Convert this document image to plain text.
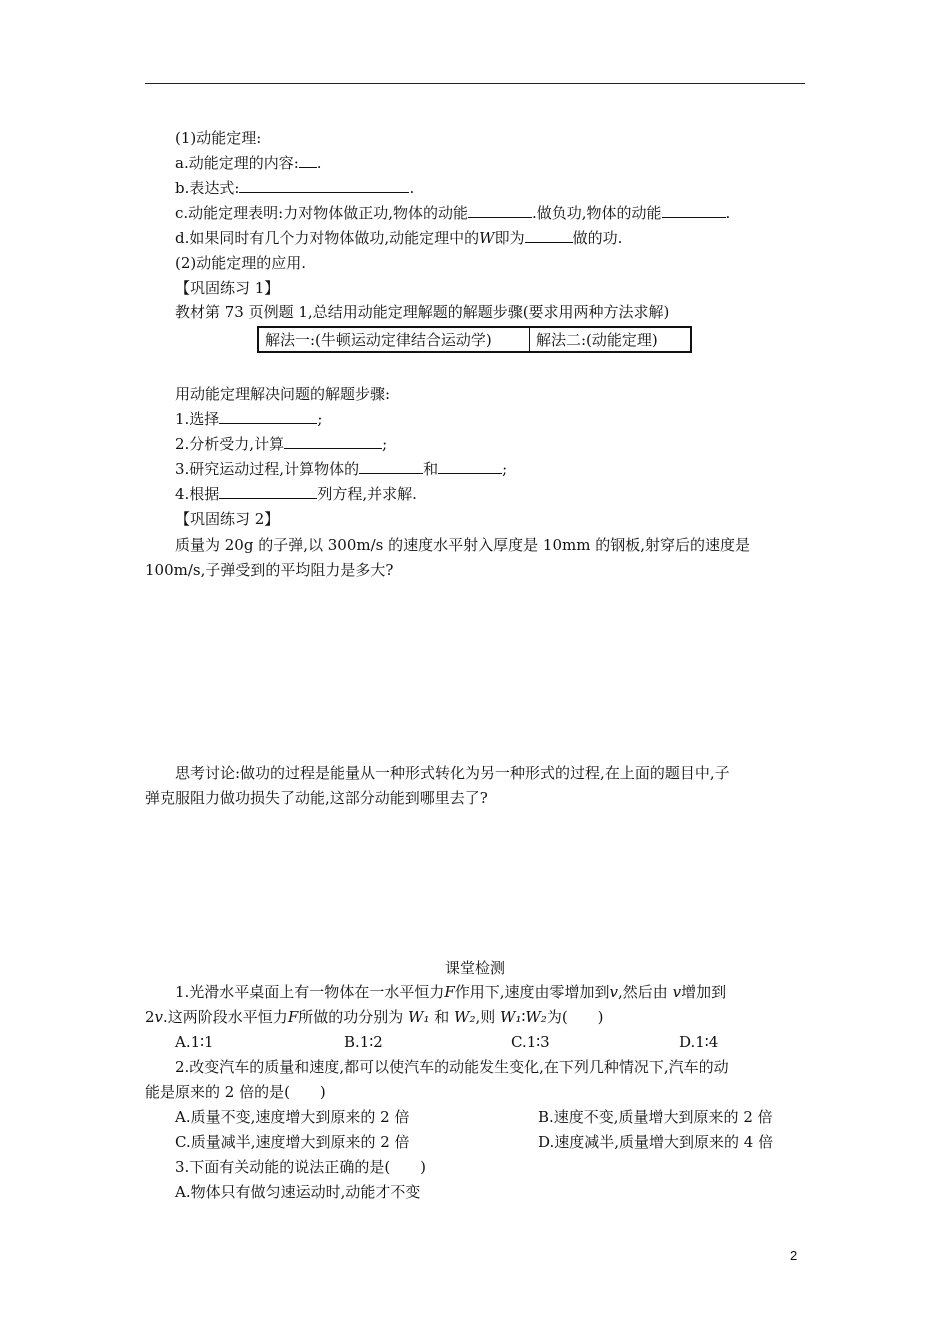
(1)动能定理:
a.动能定理的内容: .
b.表达式:	.
c.动能定理表明:力对物体做正功,物体的动能	.做负功,物体的动能	.
d.如果同时有几个力对物体做功,动能定理中的W即为	做的功.
(2)动能定理的应用.
【巩固练习 1】
教材第 73 页例题 1,总结用动能定理解题的解题步骤(要求用两种方法求解)
解法一:(牛顿运动定律结合运动学)	解法二:(动能定理)
用动能定理解决问题的解题步骤:
1.选择	;
2.分析受力,计算	;
3.研究运动过程,计算物体的	和	;
4.根据	列方程,并求解.
【巩固练习 2】
质量为 20g 的子弹,以 300m/s 的速度水平射入厚度是 10mm 的钢板,射穿后的速度是
100m/s,子弹受到的平均阻力是多大?
思考讨论:做功的过程是能量从一种形式转化为另一种形式的过程,在上面的题目中,子
弹克服阻力做功损失了动能,这部分动能到哪里去了?
课堂检测
1.光滑水平桌面上有一物体在一水平恒力F作用下,速度由零增加到v,然后由 v增加到
2v.这两阶段水平恒力F所做的功分别为 W₁ 和 W₂,则 W₁∶W₂为(　　)
A.1∶1	B.1∶2	C.1∶3	D.1∶4
2.改变汽车的质量和速度,都可以使汽车的动能发生变化,在下列几种情况下,汽车的动
能是原来的 2 倍的是(　　)
A.质量不变,速度增大到原来的 2 倍	B.速度不变,质量增大到原来的 2 倍
C.质量减半,速度增大到原来的 2 倍	D.速度减半,质量增大到原来的 4 倍
3.下面有关动能的说法正确的是(　　)
A.物体只有做匀速运动时,动能才不变
2
